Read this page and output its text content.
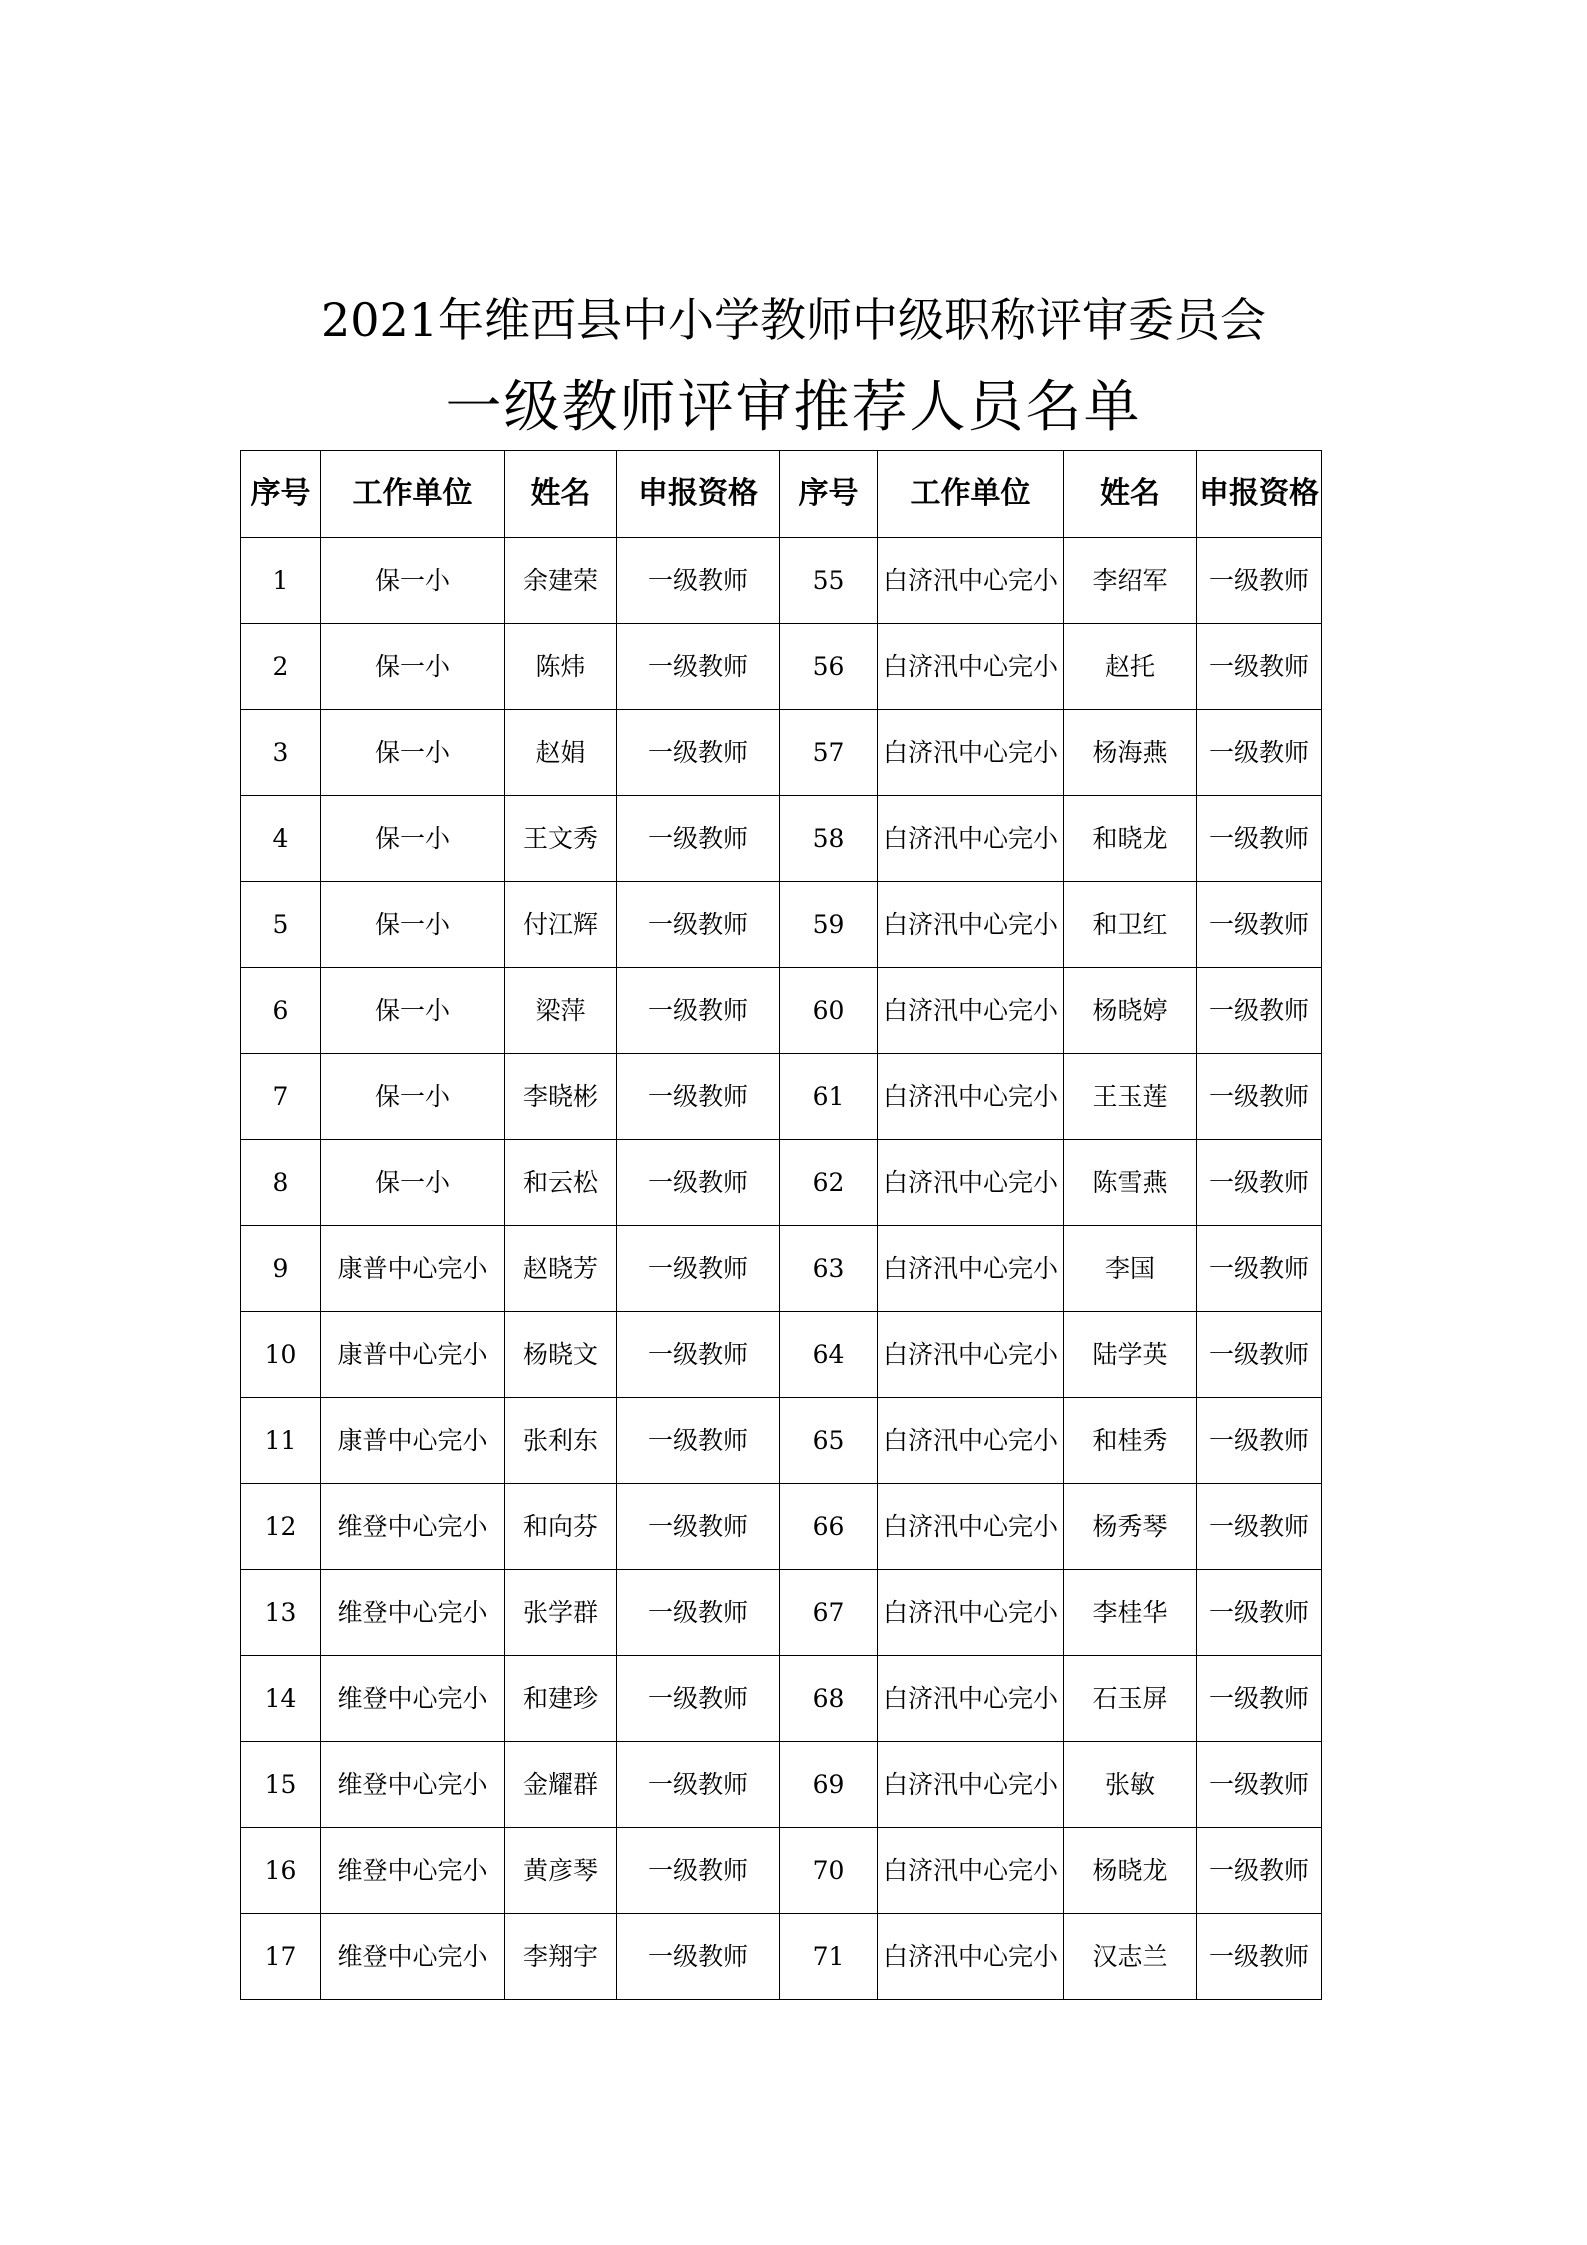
2021年维西县中小学教师中级职称评审委员会
一级教师评审推荐人员名单
序号	工作单位	姓名	申报资格	序号	工作单位	姓名	申报资格
1	保一小	余建荣	一级教师	55	白济汛中心完小	李绍军	一级教师
2	保一小	陈炜	一级教师	56	白济汛中心完小	赵托	一级教师
3	保一小	赵娟	一级教师	57	白济汛中心完小	杨海燕	一级教师
4	保一小	王文秀	一级教师	58	白济汛中心完小	和晓龙	一级教师
5	保一小	付江辉	一级教师	59	白济汛中心完小	和卫红	一级教师
6	保一小	梁萍	一级教师	60	白济汛中心完小	杨晓婷	一级教师
7	保一小	李晓彬	一级教师	61	白济汛中心完小	王玉莲	一级教师
8	保一小	和云松	一级教师	62	白济汛中心完小	陈雪燕	一级教师
9	康普中心完小	赵晓芳	一级教师	63	白济汛中心完小	李国	一级教师
10	康普中心完小	杨晓文	一级教师	64	白济汛中心完小	陆学英	一级教师
11	康普中心完小	张利东	一级教师	65	白济汛中心完小	和桂秀	一级教师
12	维登中心完小	和向芬	一级教师	66	白济汛中心完小	杨秀琴	一级教师
13	维登中心完小	张学群	一级教师	67	白济汛中心完小	李桂华	一级教师
14	维登中心完小	和建珍	一级教师	68	白济汛中心完小	石玉屏	一级教师
15	维登中心完小	金耀群	一级教师	69	白济汛中心完小	张敏	一级教师
16	维登中心完小	黄彦琴	一级教师	70	白济汛中心完小	杨晓龙	一级教师
17	维登中心完小	李翔宇	一级教师	71	白济汛中心完小	汉志兰	一级教师
